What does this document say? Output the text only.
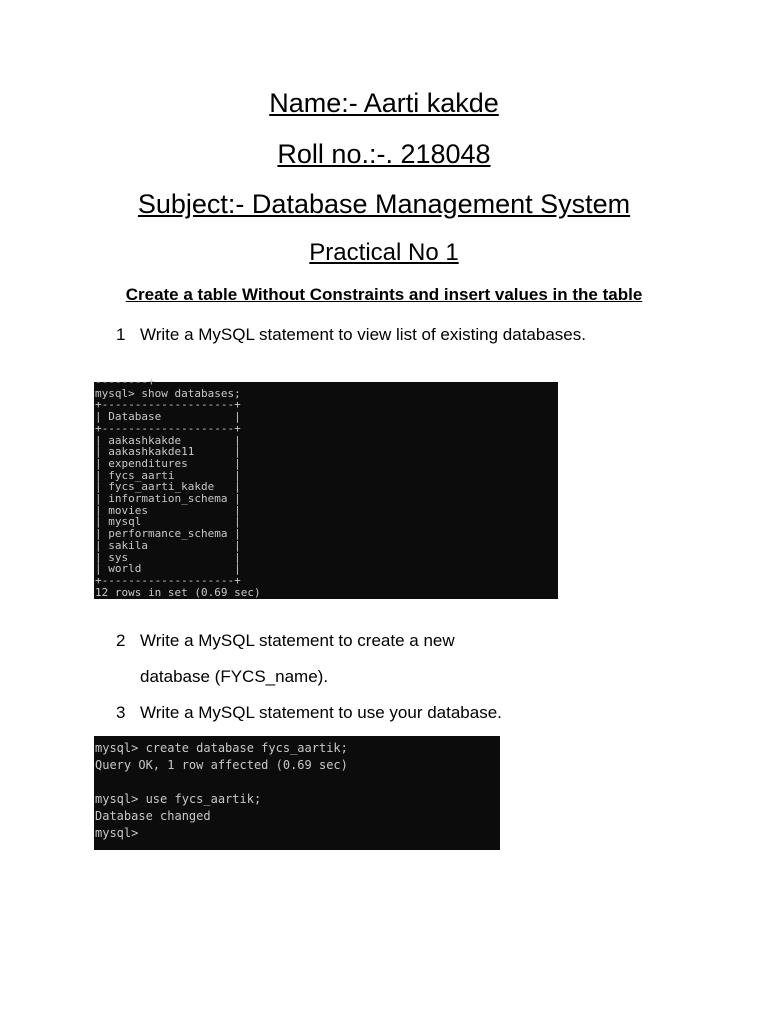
Name:- Aarti kakde
Roll no.:-. 218048
Subject:- Database Management System
Practical No 1
Create a table Without Constraints and insert values in the table
1 Write a MySQL statement to view list of existing databases.
--------+
mysql> show databases;
+--------------------+
| Database           |
+--------------------+
| aakashkakde        |
| aakashkakde11      |
| expenditures       |
| fycs_aarti         |
| fycs_aarti_kakde   |
| information_schema |
| movies             |
| mysql              |
| performance_schema |
| sakila             |
| sys                |
| world              |
+--------------------+
12 rows in set (0.69 sec)
2 Write a MySQL statement to create a new
database (FYCS_name).
3 Write a MySQL statement to use your database.
mysql> create database fycs_aartik;
Query OK, 1 row affected (0.69 sec)

mysql> use fycs_aartik;
Database changed
mysql>
